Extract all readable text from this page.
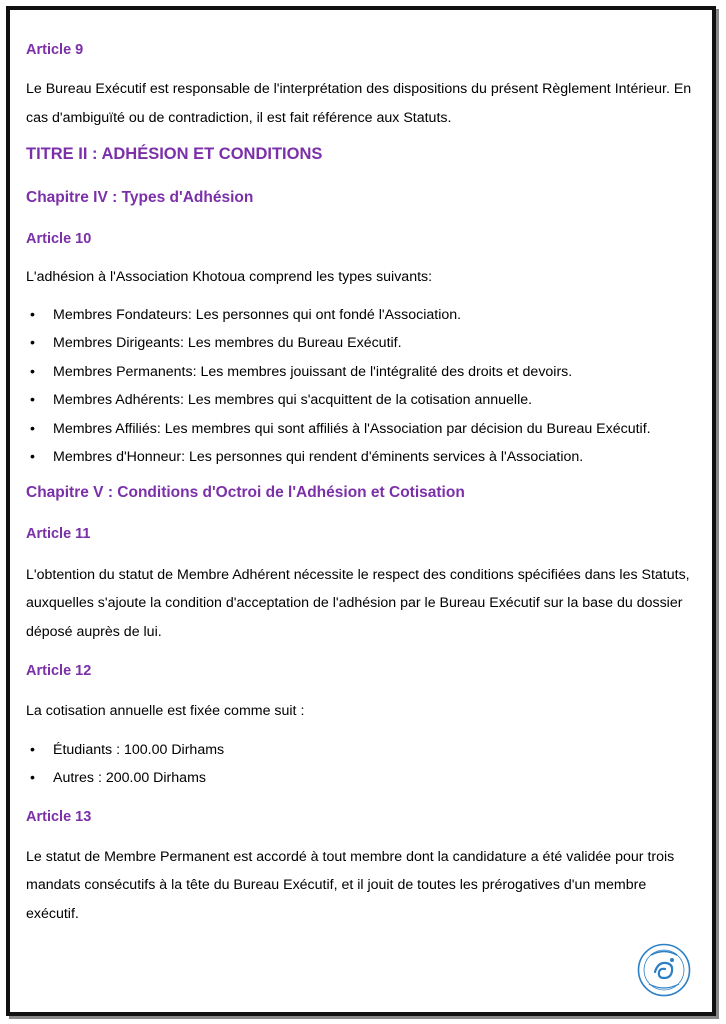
Article 9

Le Bureau Exécutif est responsable de l'interprétation des dispositions du présent Règlement Intérieur. En cas d'ambiguïté ou de contradiction, il est fait référence aux Statuts.

TITRE II : ADHÉSION ET CONDITIONS
Chapitre IV : Types d'Adhésion
Article 10

L'adhésion à l'Association Khotoua comprend les types suivants:

• Membres Fondateurs: Les personnes qui ont fondé l'Association.
• Membres Dirigeants: Les membres du Bureau Exécutif.
• Membres Permanents: Les membres jouissant de l'intégralité des droits et devoirs.
• Membres Adhérents: Les membres qui s'acquittent de la cotisation annuelle.
• Membres Affiliés: Les membres qui sont affiliés à l'Association par décision du Bureau Exécutif.
• Membres d'Honneur: Les personnes qui rendent d'éminents services à l'Association.
Chapitre V : Conditions d'Octroi de l'Adhésion et Cotisation
Article 11

L'obtention du statut de Membre Adhérent nécessite le respect des conditions spécifiées dans les Statuts, auxquelles s'ajoute la condition d'acceptation de l'adhésion par le Bureau Exécutif sur la base du dossier déposé auprès de lui.

Article 12

La cotisation annuelle est fixée comme suit :

• Étudiants : 100.00 Dirhams
• Autres : 200.00 Dirhams
Article 13

Le statut de Membre Permanent est accordé à tout membre dont la candidature a été validée pour trois mandats consécutifs à la tête du Bureau Exécutif, et il jouit de toutes les prérogatives d'un membre exécutif.
